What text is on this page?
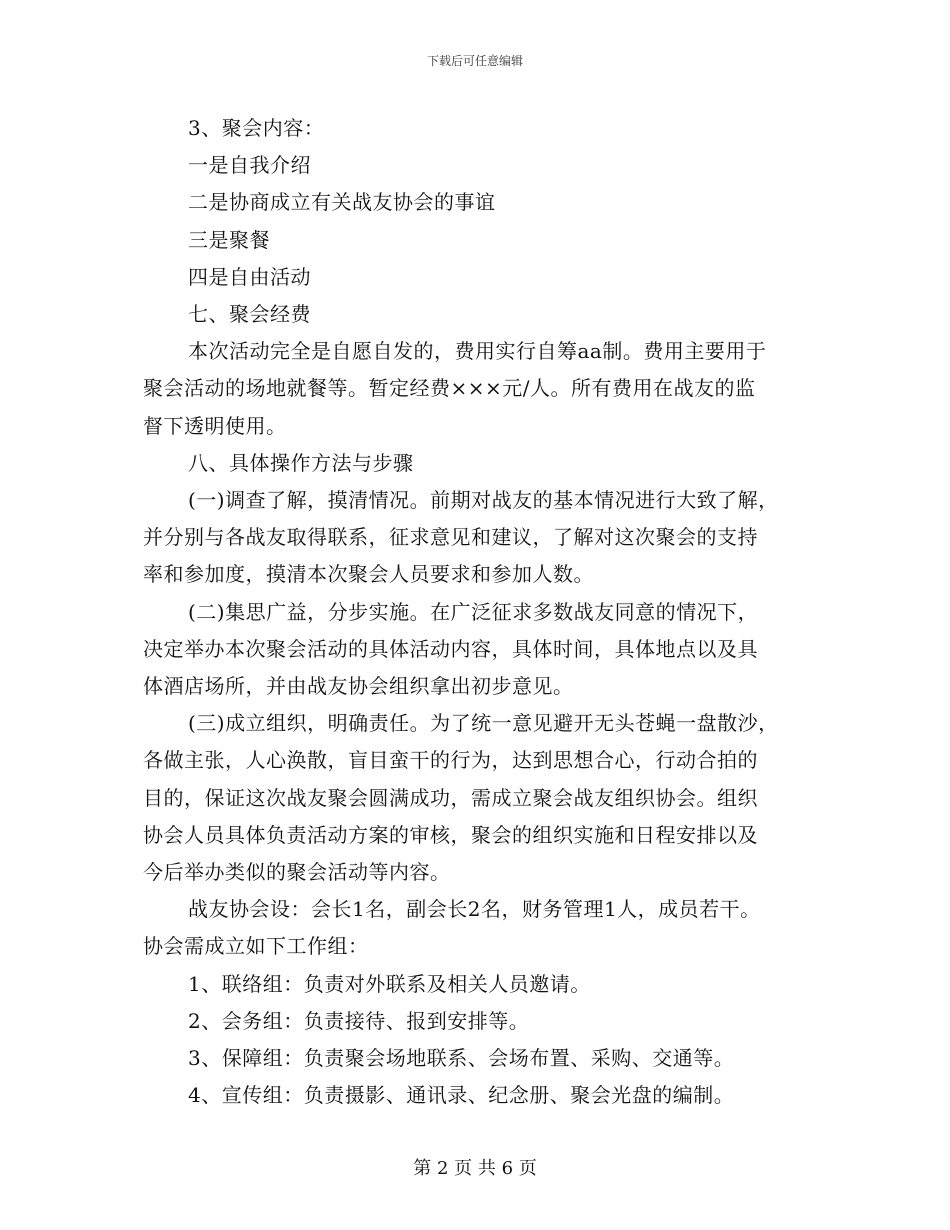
下载后可任意编辑
3、聚会内容：
一是自我介绍
二是协商成立有关战友协会的事谊
三是聚餐
四是自由活动
七、聚会经费
本次活动完全是自愿自发的，费用实行自筹aa制。费用主要用于
聚会活动的场地就餐等。暂定经费×××元/人。所有费用在战友的监
督下透明使用。
八、具体操作方法与步骤
(一)调查了解，摸清情况。前期对战友的基本情况进行大致了解，
并分别与各战友取得联系，征求意见和建议，了解对这次聚会的支持
率和参加度，摸清本次聚会人员要求和参加人数。
(二)集思广益，分步实施。在广泛征求多数战友同意的情况下，
决定举办本次聚会活动的具体活动内容，具体时间，具体地点以及具
体酒店场所，并由战友协会组织拿出初步意见。
(三)成立组织，明确责任。为了统一意见避开无头苍蝇一盘散沙，
各做主张，人心涣散，盲目蛮干的行为，达到思想合心，行动合拍的
目的，保证这次战友聚会圆满成功，需成立聚会战友组织协会。组织
协会人员具体负责活动方案的审核，聚会的组织实施和日程安排以及
今后举办类似的聚会活动等内容。
战友协会设：会长1名，副会长2名，财务管理1人，成员若干。
协会需成立如下工作组：
1、联络组：负责对外联系及相关人员邀请。
2、会务组：负责接待、报到安排等。
3、保障组：负责聚会场地联系、会场布置、采购、交通等。
4、宣传组：负责摄影、通讯录、纪念册、聚会光盘的编制。
第 2 页 共 6 页
